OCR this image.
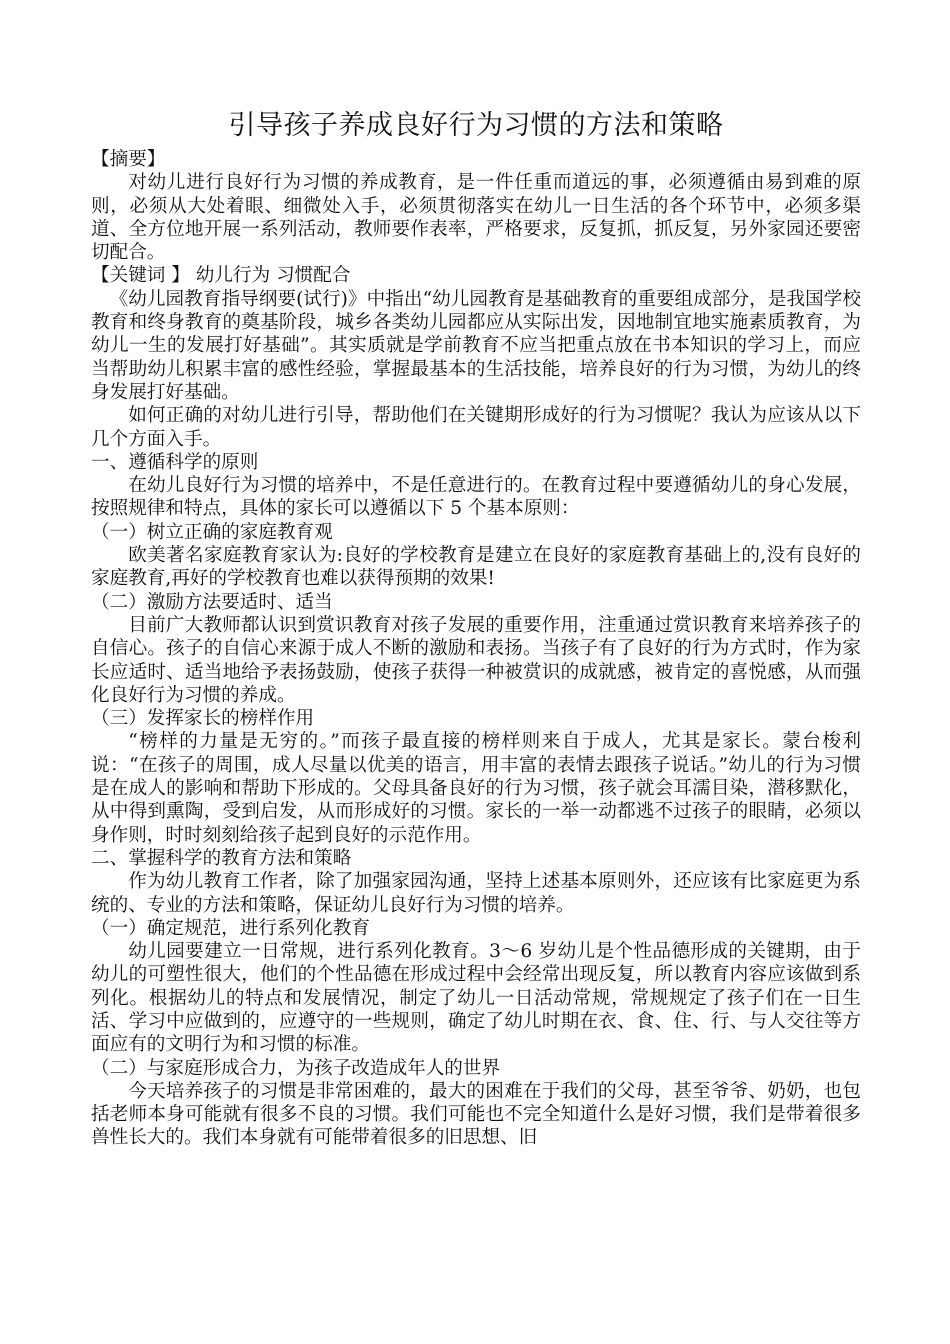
引导孩子养成良好行为习惯的方法和策略

【摘要】

对幼儿进行良好行为习惯的养成教育，是一件任重而道远的事，必须遵循由易到难的原则，必须从大处着眼、细微处入手，必须贯彻落实在幼儿一日生活的各个环节中，必须多渠道、全方位地开展一系列活动，教师要作表率，严格要求，反复抓，抓反复，另外家园还要密切配合。

【关键词 】 幼儿行为 习惯配合

《幼儿园教育指导纲要(试行)》中指出“幼儿园教育是基础教育的重要组成部分，是我国学校教育和终身教育的奠基阶段，城乡各类幼儿园都应从实际出发，因地制宜地实施素质教育，为幼儿一生的发展打好基础”。其实质就是学前教育不应当把重点放在书本知识的学习上，而应当帮助幼儿积累丰富的感性经验，掌握最基本的生活技能，培养良好的行为习惯，为幼儿的终身发展打好基础。

如何正确的对幼儿进行引导，帮助他们在关键期形成好的行为习惯呢？我认为应该从以下几个方面入手。

一、遵循科学的原则

在幼儿良好行为习惯的培养中，不是任意进行的。在教育过程中要遵循幼儿的身心发展，按照规律和特点，具体的家长可以遵循以下 5 个基本原则：

（一）树立正确的家庭教育观

欧美著名家庭教育家认为:良好的学校教育是建立在良好的家庭教育基础上的,没有良好的家庭教育,再好的学校教育也难以获得预期的效果!

（二）激励方法要适时、适当

目前广大教师都认识到赏识教育对孩子发展的重要作用，注重通过赏识教育来培养孩子的自信心。孩子的自信心来源于成人不断的激励和表扬。当孩子有了良好的行为方式时，作为家长应适时、适当地给予表扬鼓励，使孩子获得一种被赏识的成就感，被肯定的喜悦感，从而强化良好行为习惯的养成。

（三）发挥家长的榜样作用

“榜样的力量是无穷的。”而孩子最直接的榜样则来自于成人，尤其是家长。蒙台梭利说：“在孩子的周围，成人尽量以优美的语言，用丰富的表情去跟孩子说话。”幼儿的行为习惯是在成人的影响和帮助下形成的。父母具备良好的行为习惯，孩子就会耳濡目染，潜移默化，从中得到熏陶，受到启发，从而形成好的习惯。家长的一举一动都逃不过孩子的眼睛，必须以身作则，时时刻刻给孩子起到良好的示范作用。

二、掌握科学的教育方法和策略

作为幼儿教育工作者，除了加强家园沟通，坚持上述基本原则外，还应该有比家庭更为系统的、专业的方法和策略，保证幼儿良好行为习惯的培养。

（一）确定规范，进行系列化教育

幼儿园要建立一日常规，进行系列化教育。3～6 岁幼儿是个性品德形成的关键期，由于幼儿的可塑性很大，他们的个性品德在形成过程中会经常出现反复，所以教育内容应该做到系列化。根据幼儿的特点和发展情况，制定了幼儿一日活动常规，常规规定了孩子们在一日生活、学习中应做到的，应遵守的一些规则，确定了幼儿时期在衣、食、住、行、与人交往等方面应有的文明行为和习惯的标准。

（二）与家庭形成合力，为孩子改造成年人的世界

今天培养孩子的习惯是非常困难的，最大的困难在于我们的父母，甚至爷爷、奶奶，也包括老师本身可能就有很多不良的习惯。我们可能也不完全知道什么是好习惯，我们是带着很多兽性长大的。我们本身就有可能带着很多的旧思想、旧
